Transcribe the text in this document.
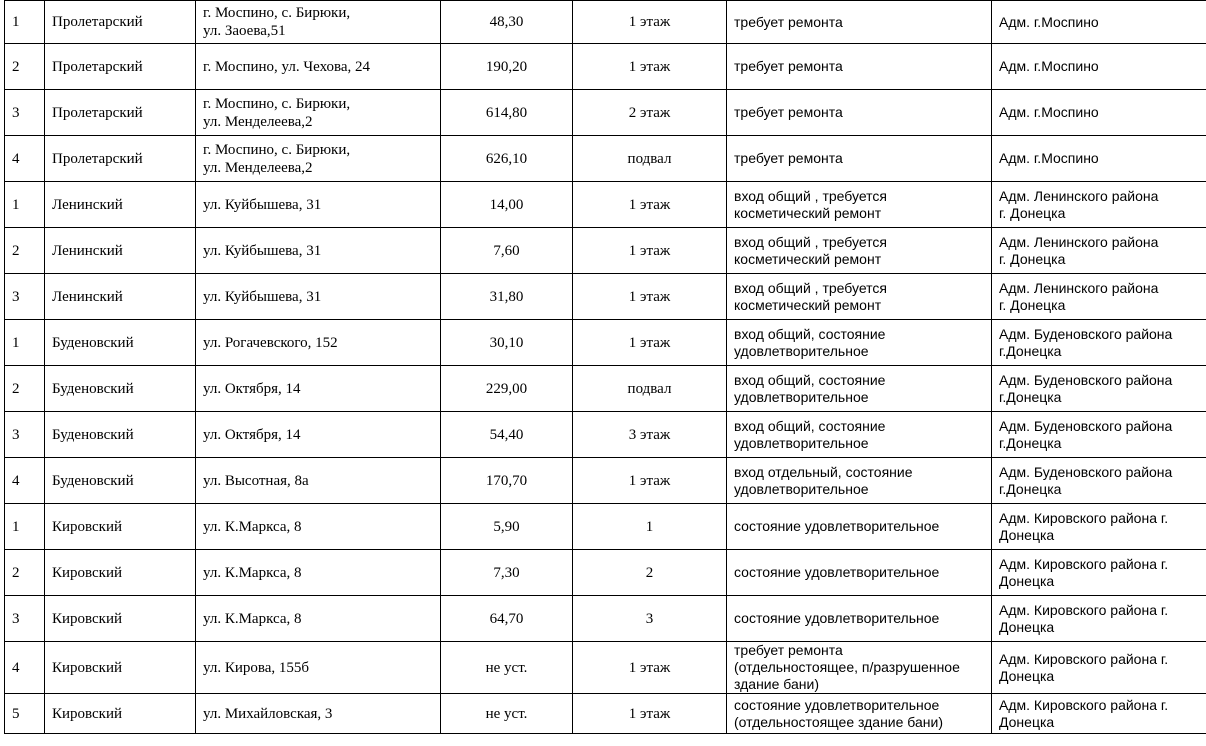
1	Пролетарский	г. Моспино, с. Бирюки,
ул. Заоева,51	48,30	1 этаж	требует ремонта	Адм. г.Моспино

2	Пролетарский	г. Моспино, ул. Чехова, 24	190,20	1 этаж	требует ремонта	Адм. г.Моспино

3	Пролетарский	г. Моспино, с. Бирюки,
ул. Менделеева,2	614,80	2 этаж	требует ремонта	Адм. г.Моспино

4	Пролетарский	г. Моспино, с. Бирюки,
ул. Менделеева,2	626,10	подвал	требует ремонта	Адм. г.Моспино

1	Ленинский	ул. Куйбышева, 31	14,00	1 этаж	вход общий , требуется
косметический ремонт	Адм. Ленинского района
г. Донецка

2	Ленинский	ул. Куйбышева, 31	7,60	1 этаж	вход общий , требуется
косметический ремонт	Адм. Ленинского района
г. Донецка

3	Ленинский	ул. Куйбышева, 31	31,80	1 этаж	вход общий , требуется
косметический ремонт	Адм. Ленинского района
г. Донецка

1	Буденовский	ул. Рогачевского, 152	30,10	1 этаж	вход общий, состояние
удовлетворительное	Адм. Буденовского района
г.Донецка

2	Буденовский	ул. Октября, 14	229,00	подвал	вход общий, состояние
удовлетворительное	Адм. Буденовского района
г.Донецка

3	Буденовский	ул. Октября, 14	54,40	3 этаж	вход общий, состояние
удовлетворительное	Адм. Буденовского района
г.Донецка

4	Буденовский	ул. Высотная, 8а	170,70	1 этаж	вход отдельный, состояние
удовлетворительное	Адм. Буденовского района
г.Донецка

1	Кировский	ул. К.Маркса, 8	5,90	1	состояние удовлетворительное	Адм. Кировского района г.
Донецка

2	Кировский	ул. К.Маркса, 8	7,30	2	состояние удовлетворительное	Адм. Кировского района г.
Донецка

3	Кировский	ул. К.Маркса, 8	64,70	3	состояние удовлетворительное	Адм. Кировского района г.
Донецка

4	Кировский	ул. Кирова, 155б	не уст.	1 этаж	требует ремонта
(отдельностоящее, п/разрушенное
здание бани)	Адм. Кировского района г.
Донецка

5	Кировский	ул. Михайловская, 3	не уст.	1 этаж	состояние удовлетворительное
(отдельностоящее здание бани)	Адм. Кировского района г.
Донецка
